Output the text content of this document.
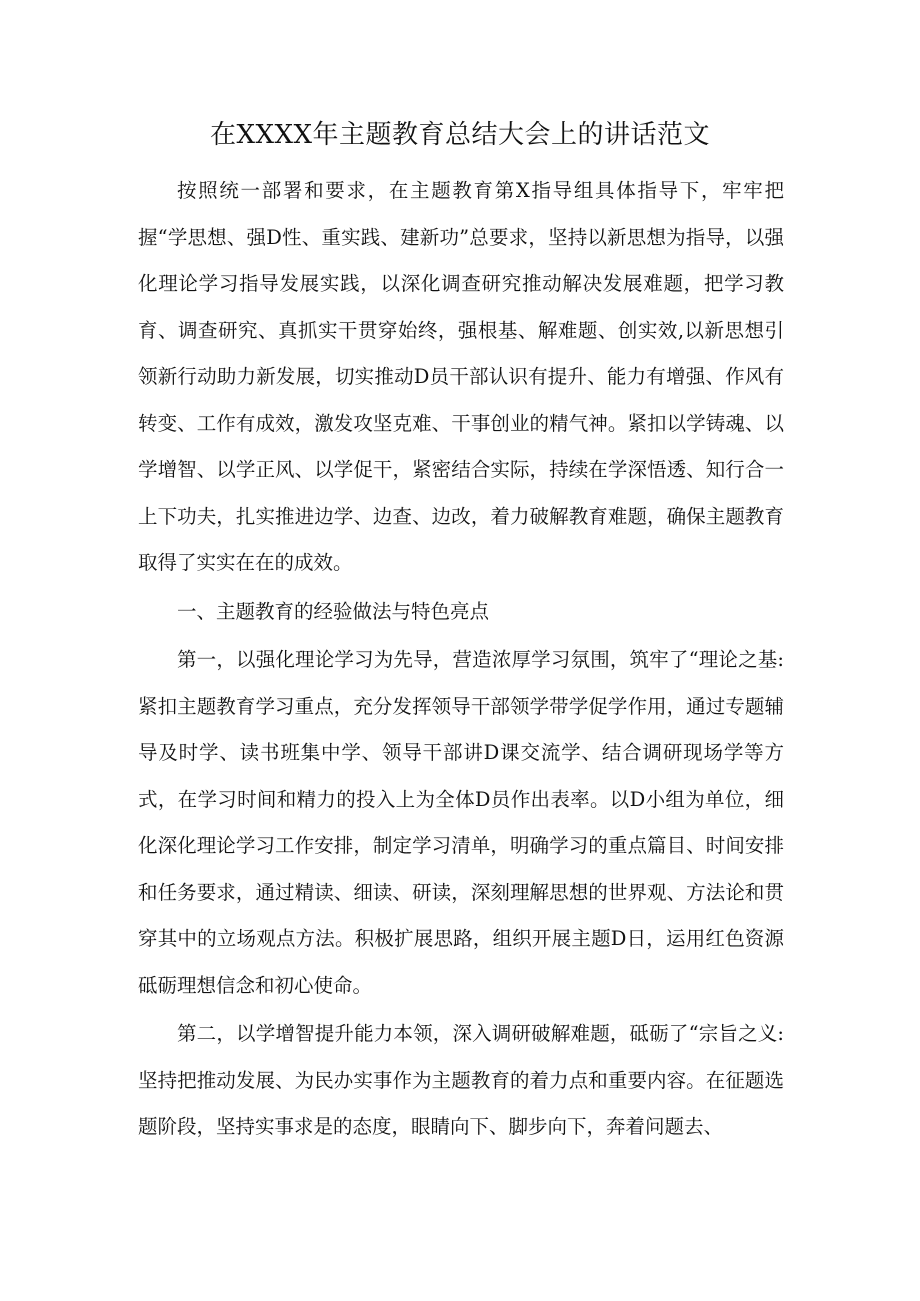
在XXXX年主题教育总结大会上的讲话范文

按照统一部署和要求，在主题教育第X指导组具体指导下，牢牢把握“学思想、强D性、重实践、建新功”总要求，坚持以新思想为指导，以强化理论学习指导发展实践，以深化调查研究推动解决发展难题，把学习教育、调查研究、真抓实干贯穿始终，强根基、解难题、创实效,以新思想引领新行动助力新发展，切实推动D员干部认识有提升、能力有增强、作风有转变、工作有成效，激发攻坚克难、干事创业的精气神。紧扣以学铸魂、以学增智、以学正风、以学促干，紧密结合实际，持续在学深悟透、知行合一上下功夫，扎实推进边学、边查、边改，着力破解教育难题，确保主题教育取得了实实在在的成效。

一、主题教育的经验做法与特色亮点

第一，以强化理论学习为先导，营造浓厚学习氛围，筑牢了“理论之基:紧扣主题教育学习重点，充分发挥领导干部领学带学促学作用，通过专题辅导及时学、读书班集中学、领导干部讲D课交流学、结合调研现场学等方式，在学习时间和精力的投入上为全体D员作出表率。以D小组为单位，细化深化理论学习工作安排，制定学习清单，明确学习的重点篇目、时间安排和任务要求，通过精读、细读、研读，深刻理解思想的世界观、方法论和贯穿其中的立场观点方法。积极扩展思路，组织开展主题D日，运用红色资源砥砺理想信念和初心使命。

第二，以学增智提升能力本领，深入调研破解难题，砥砺了“宗旨之义:坚持把推动发展、为民办实事作为主题教育的着力点和重要内容。在征题选题阶段，坚持实事求是的态度，眼睛向下、脚步向下，奔着问题去、
